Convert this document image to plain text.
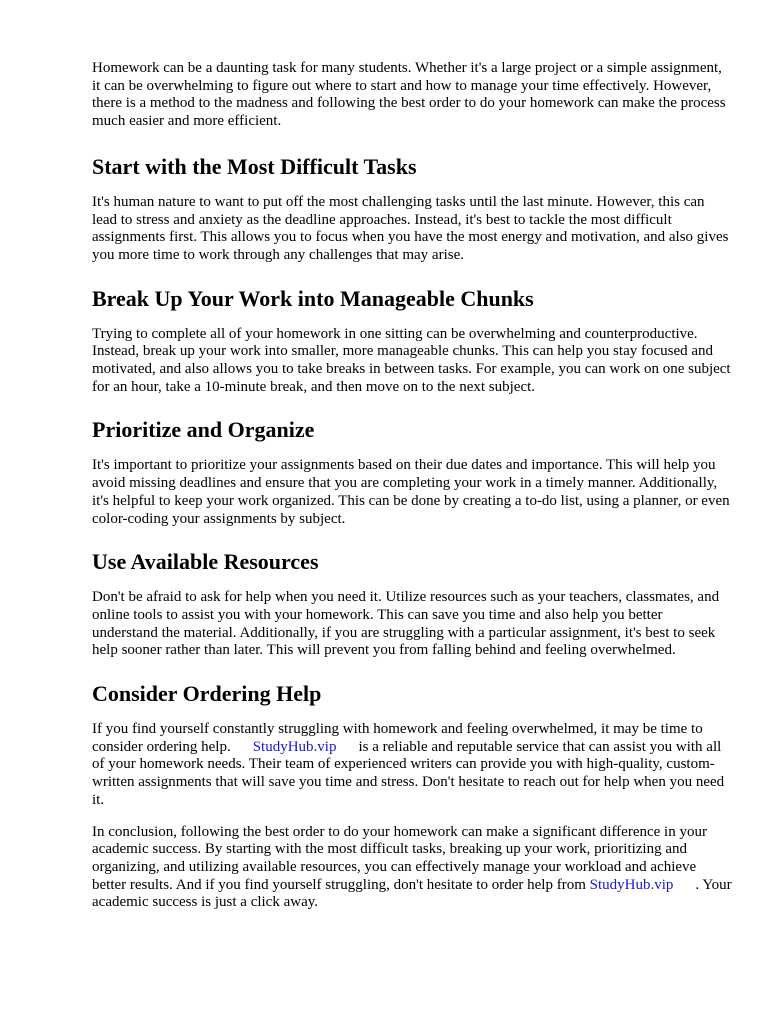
Homework can be a daunting task for many students. Whether it's a large project or a simple assignment, it can be overwhelming to figure out where to start and how to manage your time effectively. However, there is a method to the madness and following the best order to do your homework can make the process much easier and more efficient.

Start with the Most Difficult Tasks

It's human nature to want to put off the most challenging tasks until the last minute. However, this can lead to stress and anxiety as the deadline approaches. Instead, it's best to tackle the most difficult assignments first. This allows you to focus when you have the most energy and motivation, and also gives you more time to work through any challenges that may arise.

Break Up Your Work into Manageable Chunks

Trying to complete all of your homework in one sitting can be overwhelming and counterproductive. Instead, break up your work into smaller, more manageable chunks. This can help you stay focused and motivated, and also allows you to take breaks in between tasks. For example, you can work on one subject for an hour, take a 10-minute break, and then move on to the next subject.

Prioritize and Organize

It's important to prioritize your assignments based on their due dates and importance. This will help you avoid missing deadlines and ensure that you are completing your work in a timely manner. Additionally, it's helpful to keep your work organized. This can be done by creating a to-do list, using a planner, or even color-coding your assignments by subject.

Use Available Resources

Don't be afraid to ask for help when you need it. Utilize resources such as your teachers, classmates, and online tools to assist you with your homework. This can save you time and also help you better understand the material. Additionally, if you are struggling with a particular assignment, it's best to seek help sooner rather than later. This will prevent you from falling behind and feeling overwhelmed.

Consider Ordering Help

If you find yourself constantly struggling with homework and feeling overwhelmed, it may be time to consider ordering help. StudyHub.vip is a reliable and reputable service that can assist you with all of your homework needs. Their team of experienced writers can provide you with high-quality, custom-written assignments that will save you time and stress. Don't hesitate to reach out for help when you need it.

In conclusion, following the best order to do your homework can make a significant difference in your academic success. By starting with the most difficult tasks, breaking up your work, prioritizing and organizing, and utilizing available resources, you can effectively manage your workload and achieve better results. And if you find yourself struggling, don't hesitate to order help from StudyHub.vip . Your academic success is just a click away.
